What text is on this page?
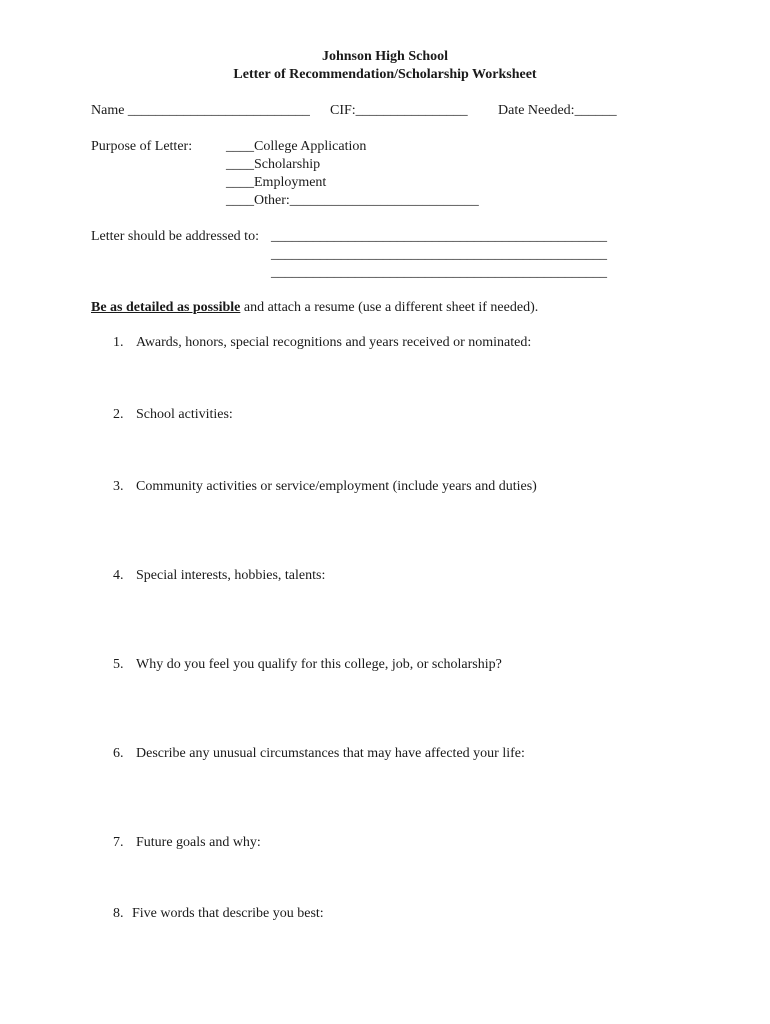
Johnson High School
Letter of Recommendation/Scholarship Worksheet
Name __________________________ CIF:________________ Date Needed:______
Purpose of Letter: ____College Application
____Scholarship
____Employment
____Other:___________________________
Letter should be addressed to: ________________________________________________
________________________________________________
________________________________________________
Be as detailed as possible and attach a resume (use a different sheet if needed).
1. Awards, honors, special recognitions and years received or nominated:
2. School activities:
3. Community activities or service/employment (include years and duties)
4. Special interests, hobbies, talents:
5. Why do you feel you qualify for this college, job, or scholarship?
6. Describe any unusual circumstances that may have affected your life:
7. Future goals and why:
8. Five words that describe you best:
